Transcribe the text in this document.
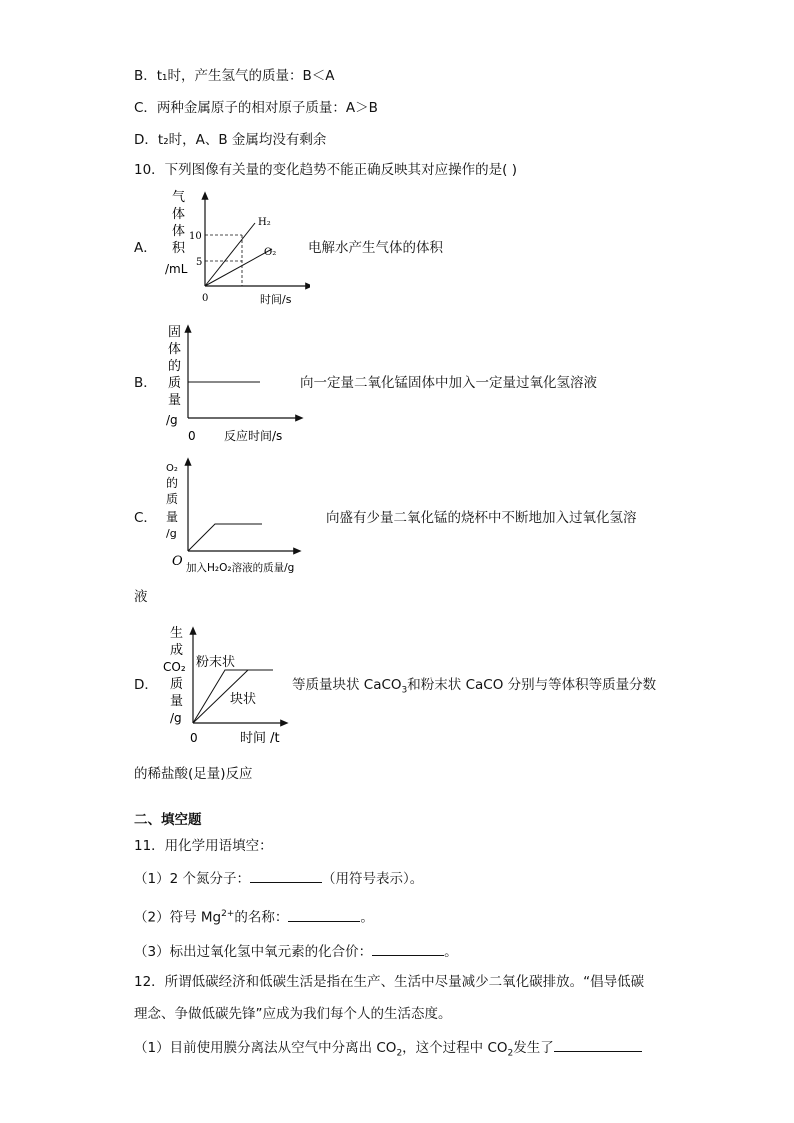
B．t₁时，产生氢气的质量：B＜A
C．两种金属原子的相对原子质量：A＞B
D．t₂时，A、B 金属均没有剩余
10．下列图像有关量的变化趋势不能正确反映其对应操作的是( )
A．
气
体
体
积
/mL
10
5
0	时间/s
H₂
O₂ 电解水产生气体的体积
B．
固
体
的
质
量
/g
0 反应时间/s
向一定量二氧化锰固体中加入一定量过氧化氢溶液
C．
O₂
的
质
量
/g
O 加入H₂O₂溶液的质量/g
向盛有少量二氧化锰的烧杯中不断地加入过氧化氢溶
液
D．
生
成
CO₂
质
量
/g
0	时间 /t
粉末状
块状
等质量块状 CaCO$_3$和粉末状 CaCO 分别与等体积等质量分数
的稀盐酸(足量)反应
二、填空题
11．用化学用语填空：
（1）2 个氮分子：	（用符号表示）。
（2）符号 $Mg^{2+}$的名称：	。
（3）标出过氧化氢中氧元素的化合价：	。
12．所谓低碳经济和低碳生活是指在生产、生活中尽量减少二氧化碳排放。“倡导低碳
理念、争做低碳先锋”应成为我们每个人的生活态度。
（1）目前使用膜分离法从空气中分离出 $CO_2$，这个过程中 $CO_2$发生了
